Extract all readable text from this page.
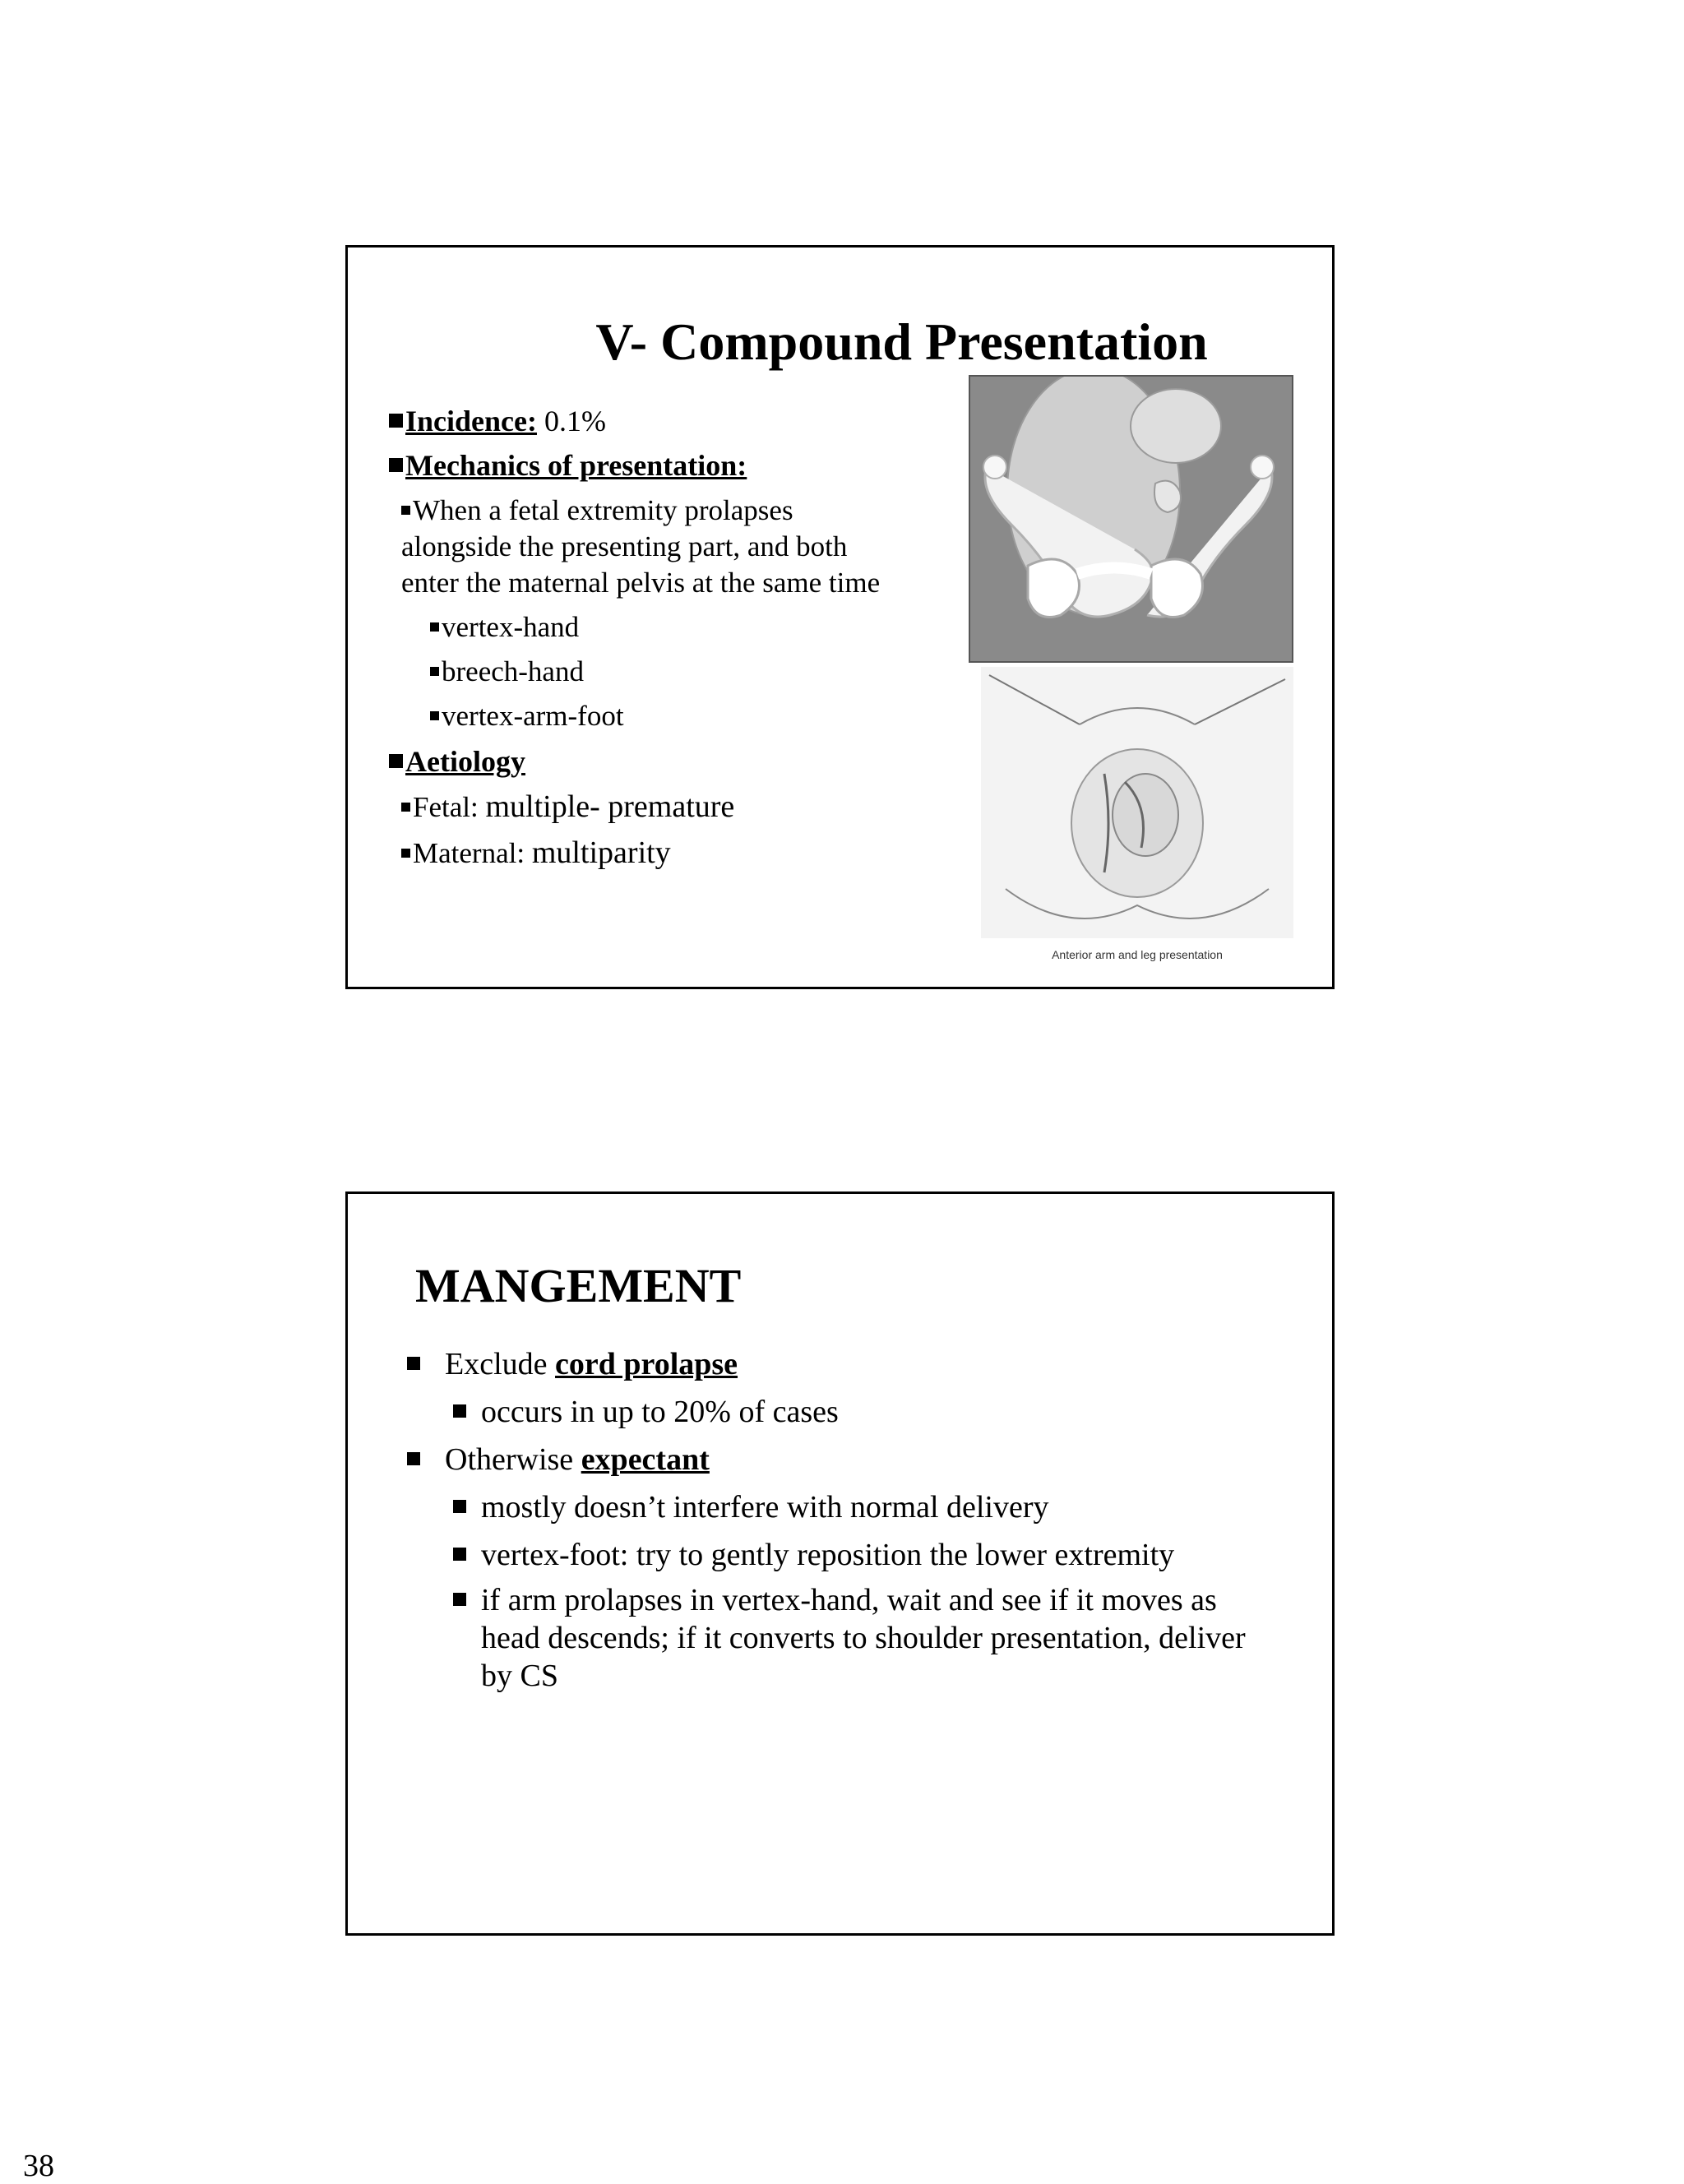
V- Compound Presentation
Incidence: 0.1%
Mechanics of presentation:
When a fetal extremity prolapses
alongside the presenting part, and both
enter the maternal pelvis at the same time
vertex-hand
breech-hand
vertex-arm-foot
Aetiology
Fetal: multiple- premature
Maternal: multiparity
Anterior arm and leg presentation
MANGEMENT
Exclude cord prolapse
occurs in up to 20% of cases
Otherwise expectant
mostly doesn’t interfere with normal delivery
vertex-foot: try to gently reposition the lower extremity
if arm prolapses in vertex-hand, wait and see if it moves as head descends; if it converts to shoulder presentation, deliver by CS
38
